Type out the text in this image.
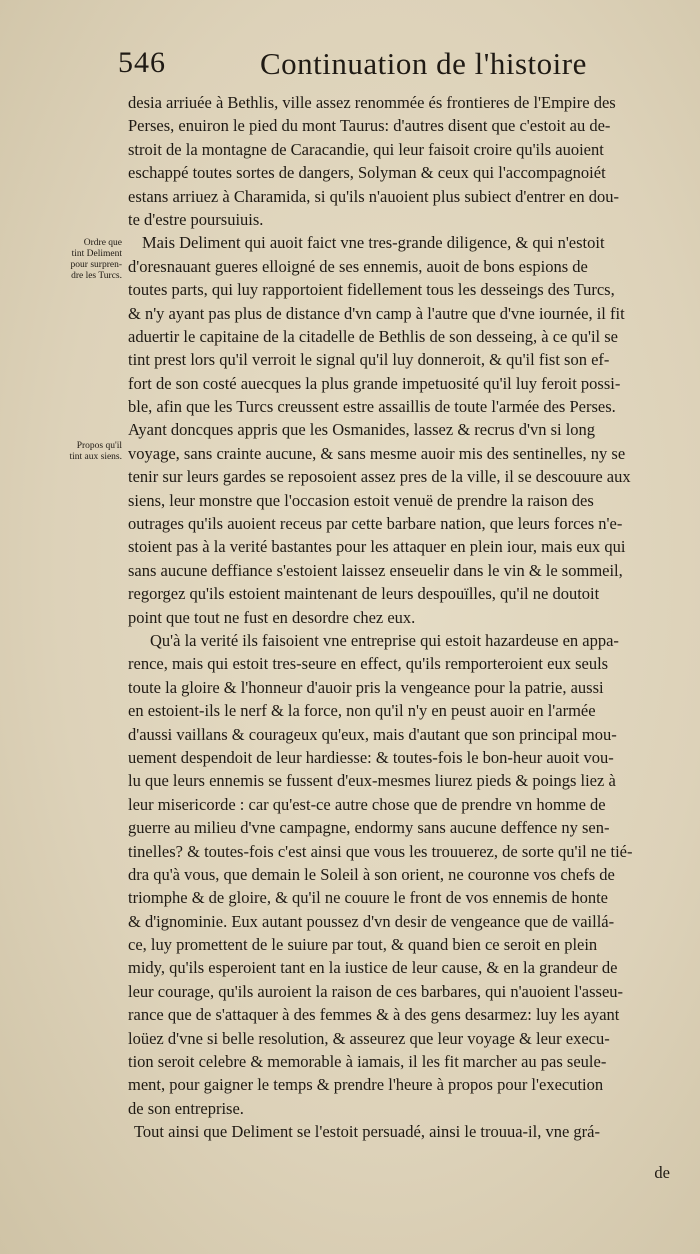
546	Continuation de l'histoire
Ordre que
tint Deliment
pour surpren-
dre les Turcs.
Propos qu'il
tint aux siens.
desia arriuée à Bethlis, ville assez renommée és frontieres de l'Empire des
Perses, enuiron le pied du mont Taurus: d'autres disent que c'estoit au de-
stroit de la montagne de Caracandie, qui leur faisoit croire qu'ils auoient
eschappé toutes sortes de dangers, Solyman & ceux qui l'accompagnoiét
estans arriuez à Charamida, si qu'ils n'auoient plus subiect d'entrer en dou-
te d'estre poursuiuis.
Mais Deliment qui auoit faict vne tres-grande diligence, & qui n'estoit
d'oresnauant gueres elloigné de ses ennemis, auoit de bons espions de
toutes parts, qui luy rapportoient fidellement tous les desseings des Turcs,
& n'y ayant pas plus de distance d'vn camp à l'autre que d'vne iournée, il fit
aduertir le capitaine de la citadelle de Bethlis de son desseing, à ce qu'il se
tint prest lors qu'il verroit le signal qu'il luy donneroit, & qu'il fist son ef-
fort de son costé auecques la plus grande impetuosité qu'il luy feroit possi-
ble, afin que les Turcs creussent estre assaillis de toute l'armée des Perses.
Ayant doncques appris que les Osmanides, lassez & recrus d'vn si long
voyage, sans crainte aucune, & sans mesme auoir mis des sentinelles, ny se
tenir sur leurs gardes se reposoient assez pres de la ville, il se descouure aux
siens, leur monstre que l'occasion estoit venuë de prendre la raison des
outrages qu'ils auoient receus par cette barbare nation, que leurs forces n'e-
stoient pas à la verité bastantes pour les attaquer en plein iour, mais eux qui
sans aucune deffiance s'estoient laissez enseuelir dans le vin & le sommeil,
regorgez qu'ils estoient maintenant de leurs despouïlles, qu'il ne doutoit
point que tout ne fust en desordre chez eux.
Qu'à la verité ils faisoient vne entreprise qui estoit hazardeuse en appa-
rence, mais qui estoit tres-seure en effect, qu'ils remporteroient eux seuls
toute la gloire & l'honneur d'auoir pris la vengeance pour la patrie, aussi
en estoient-ils le nerf & la force, non qu'il n'y en peust auoir en l'armée
d'aussi vaillans & courageux qu'eux, mais d'autant que son principal mou-
uement despendoit de leur hardiesse: & toutes-fois le bon-heur auoit vou-
lu que leurs ennemis se fussent d'eux-mesmes liurez pieds & poings liez à
leur misericorde : car qu'est-ce autre chose que de prendre vn homme de
guerre au milieu d'vne campagne, endormy sans aucune deffence ny sen-
tinelles? & toutes-fois c'est ainsi que vous les trouuerez, de sorte qu'il ne tié-
dra qu'à vous, que demain le Soleil à son orient, ne couronne vos chefs de
triomphe & de gloire, & qu'il ne couure le front de vos ennemis de honte
& d'ignominie. Eux autant poussez d'vn desir de vengeance que de vaillá-
ce, luy promettent de le suiure par tout, & quand bien ce seroit en plein
midy, qu'ils esperoient tant en la iustice de leur cause, & en la grandeur de
leur courage, qu'ils auroient la raison de ces barbares, qui n'auoient l'asseu-
rance que de s'attaquer à des femmes & à des gens desarmez: luy les ayant
loüez d'vne si belle resolution, & asseurez que leur voyage & leur execu-
tion seroit celebre & memorable à iamais, il les fit marcher au pas seule-
ment, pour gaigner le temps & prendre l'heure à propos pour l'execution
de son entreprise.
Tout ainsi que Deliment se l'estoit persuadé, ainsi le trouua-il, vne grá-
de
